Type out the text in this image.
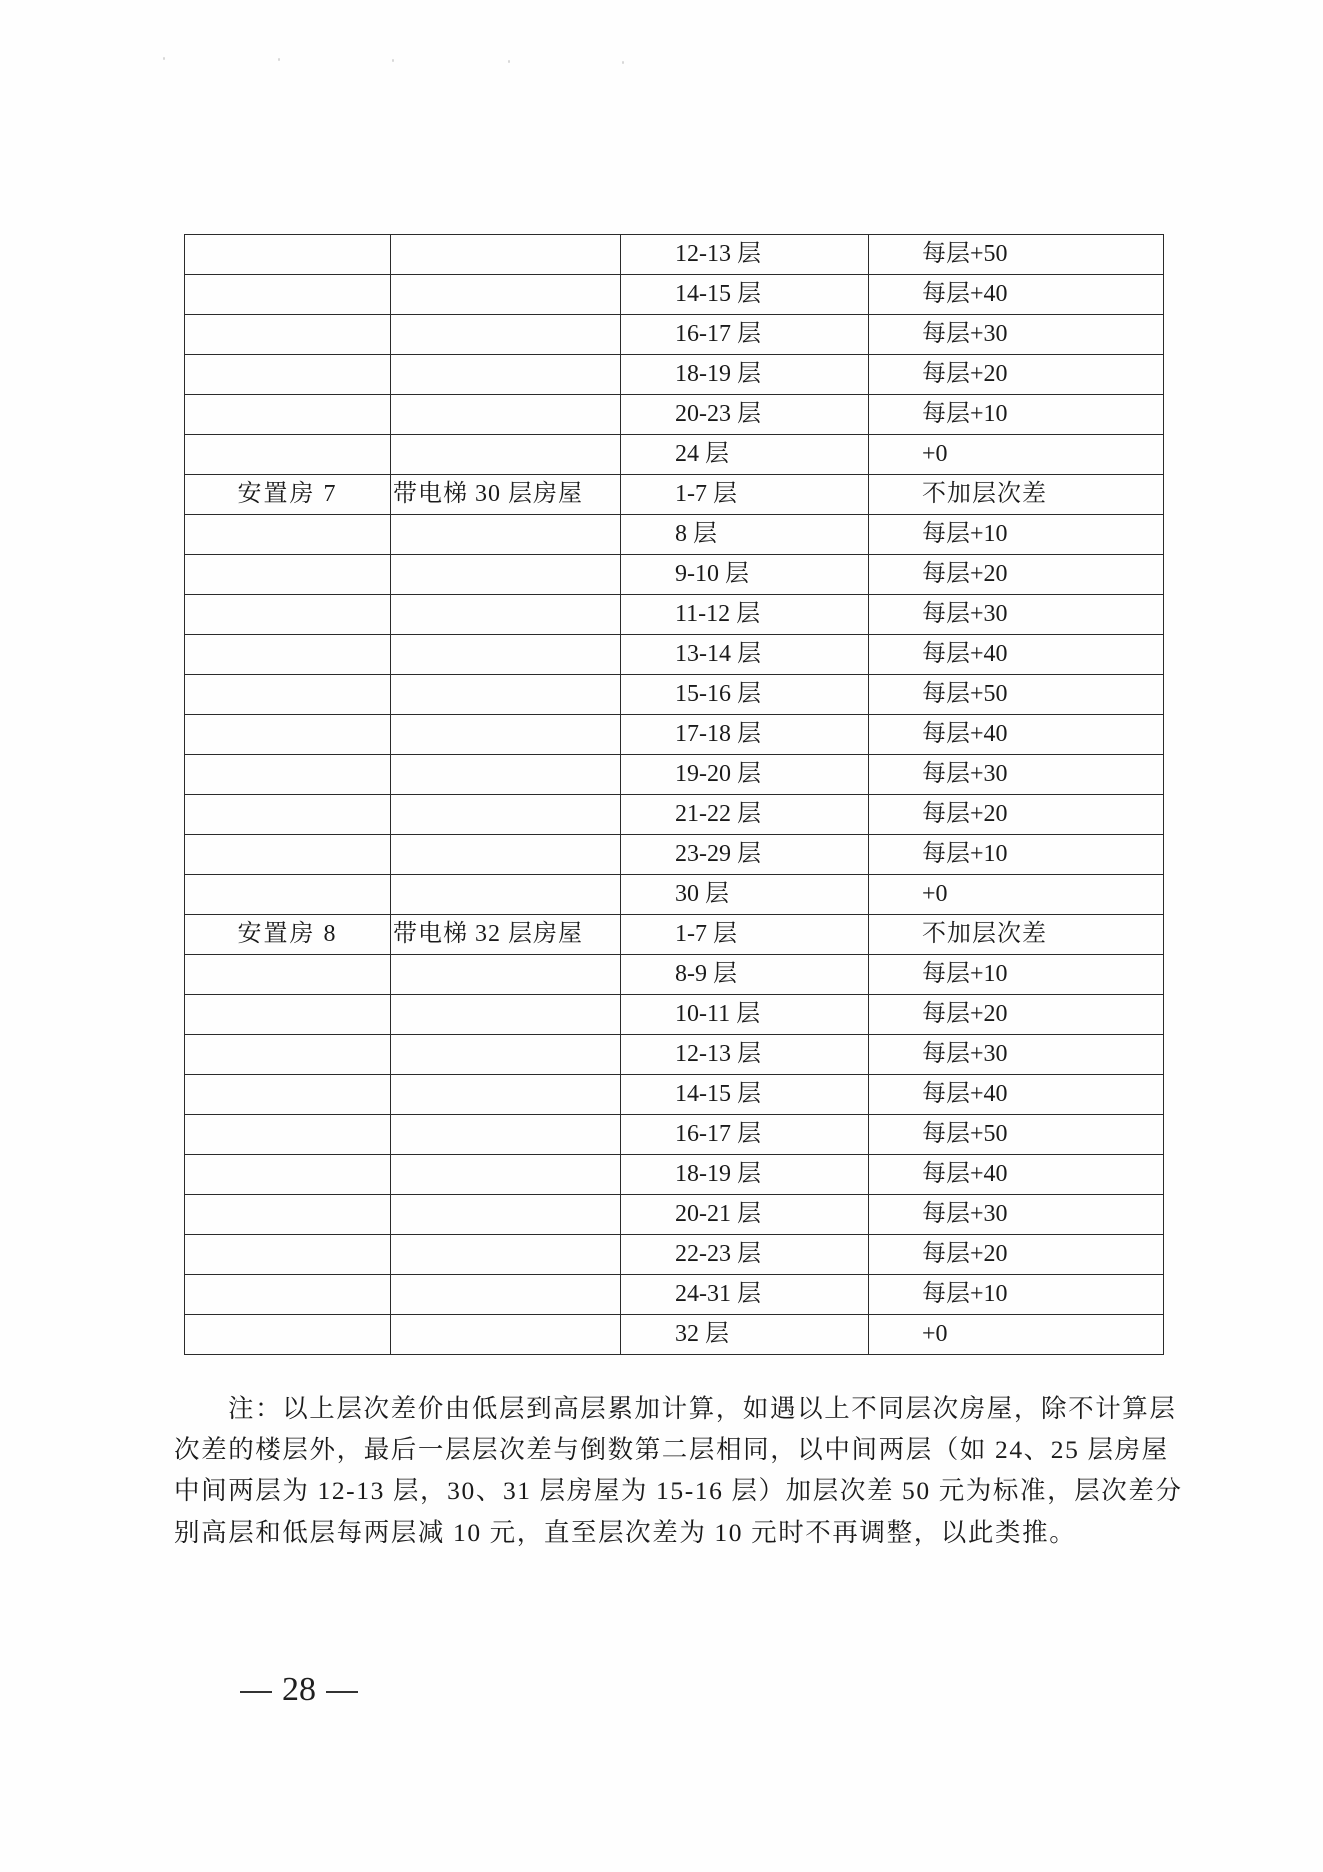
		12-13 层	每层+50
		14-15 层	每层+40
		16-17 层	每层+30
		18-19 层	每层+20
		20-23 层	每层+10
		24 层	+0
安置房 7	带电梯 30 层房屋	1-7 层	不加层次差
		8 层	每层+10
		9-10 层	每层+20
		11-12 层	每层+30
		13-14 层	每层+40
		15-16 层	每层+50
		17-18 层	每层+40
		19-20 层	每层+30
		21-22 层	每层+20
		23-29 层	每层+10
		30 层	+0
安置房 8	带电梯 32 层房屋	1-7 层	不加层次差
		8-9 层	每层+10
		10-11 层	每层+20
		12-13 层	每层+30
		14-15 层	每层+40
		16-17 层	每层+50
		18-19 层	每层+40
		20-21 层	每层+30
		22-23 层	每层+20
		24-31 层	每层+10
		32 层	+0
注：以上层次差价由低层到高层累加计算，如遇以上不同层次房屋，除不计算层
次差的楼层外，最后一层层次差与倒数第二层相同，以中间两层（如 24、25 层房屋
中间两层为 12-13 层，30、31 层房屋为 15-16 层）加层次差 50 元为标准，层次差分
别高层和低层每两层减 10 元，直至层次差为 10 元时不再调整，以此类推。
28
